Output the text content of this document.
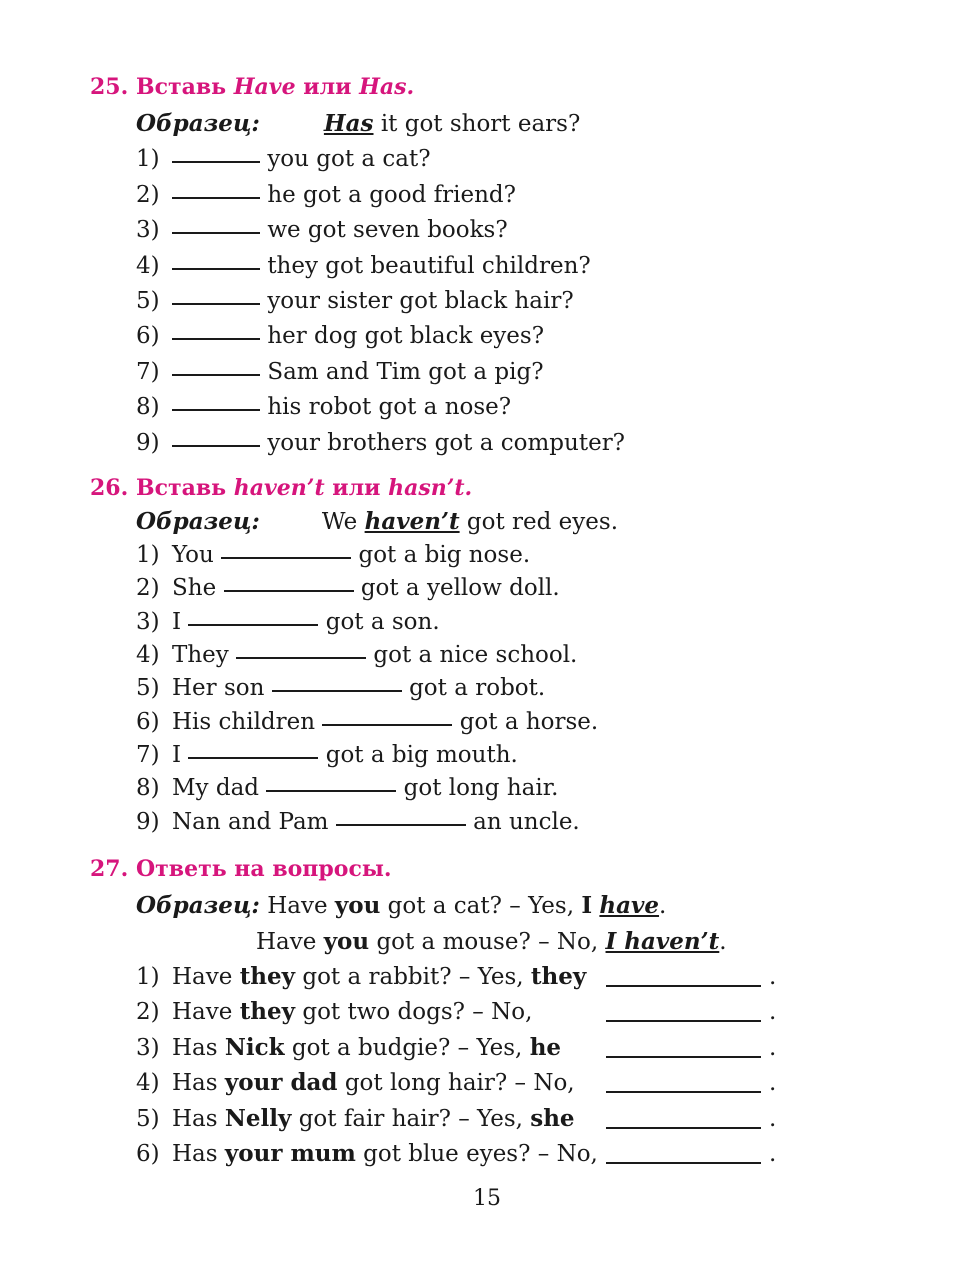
25. Вставь Have или Has.
Образец:	Has it got short ears?
1)	you got a cat?
2)	he got a good friend?
3)	we got seven books?
4)	they got beautiful children?
5)	your sister got black hair?
6)	her dog got black eyes?
7)	Sam and Tim got a pig?
8)	his robot got a nose?
9)	your brothers got a computer?
26. Вставь haven’t или hasn’t.
Образец:	We haven’t got red eyes.
1) You	got a big nose.
2) She	got a yellow doll.
3) I	got a son.
4) They	got a nice school.
5) Her son	got a robot.
6) His children	got a horse.
7) I	got a big mouth.
8) My dad	got long hair.
9) Nan and Pam	an uncle.
27. Ответь на вопросы.
Образец: Have you got a cat? – Yes, I have.
Have you got a mouse? – No, I haven’t.
1) Have they got a rabbit? – Yes, they	.
2) Have they got two dogs? – No,	.
3) Has Nick got a budgie? – Yes, he	.
4) Has your dad got long hair? – No,	.
5) Has Nelly got fair hair? – Yes, she	.
6) Has your mum got blue eyes? – No,	.
15
